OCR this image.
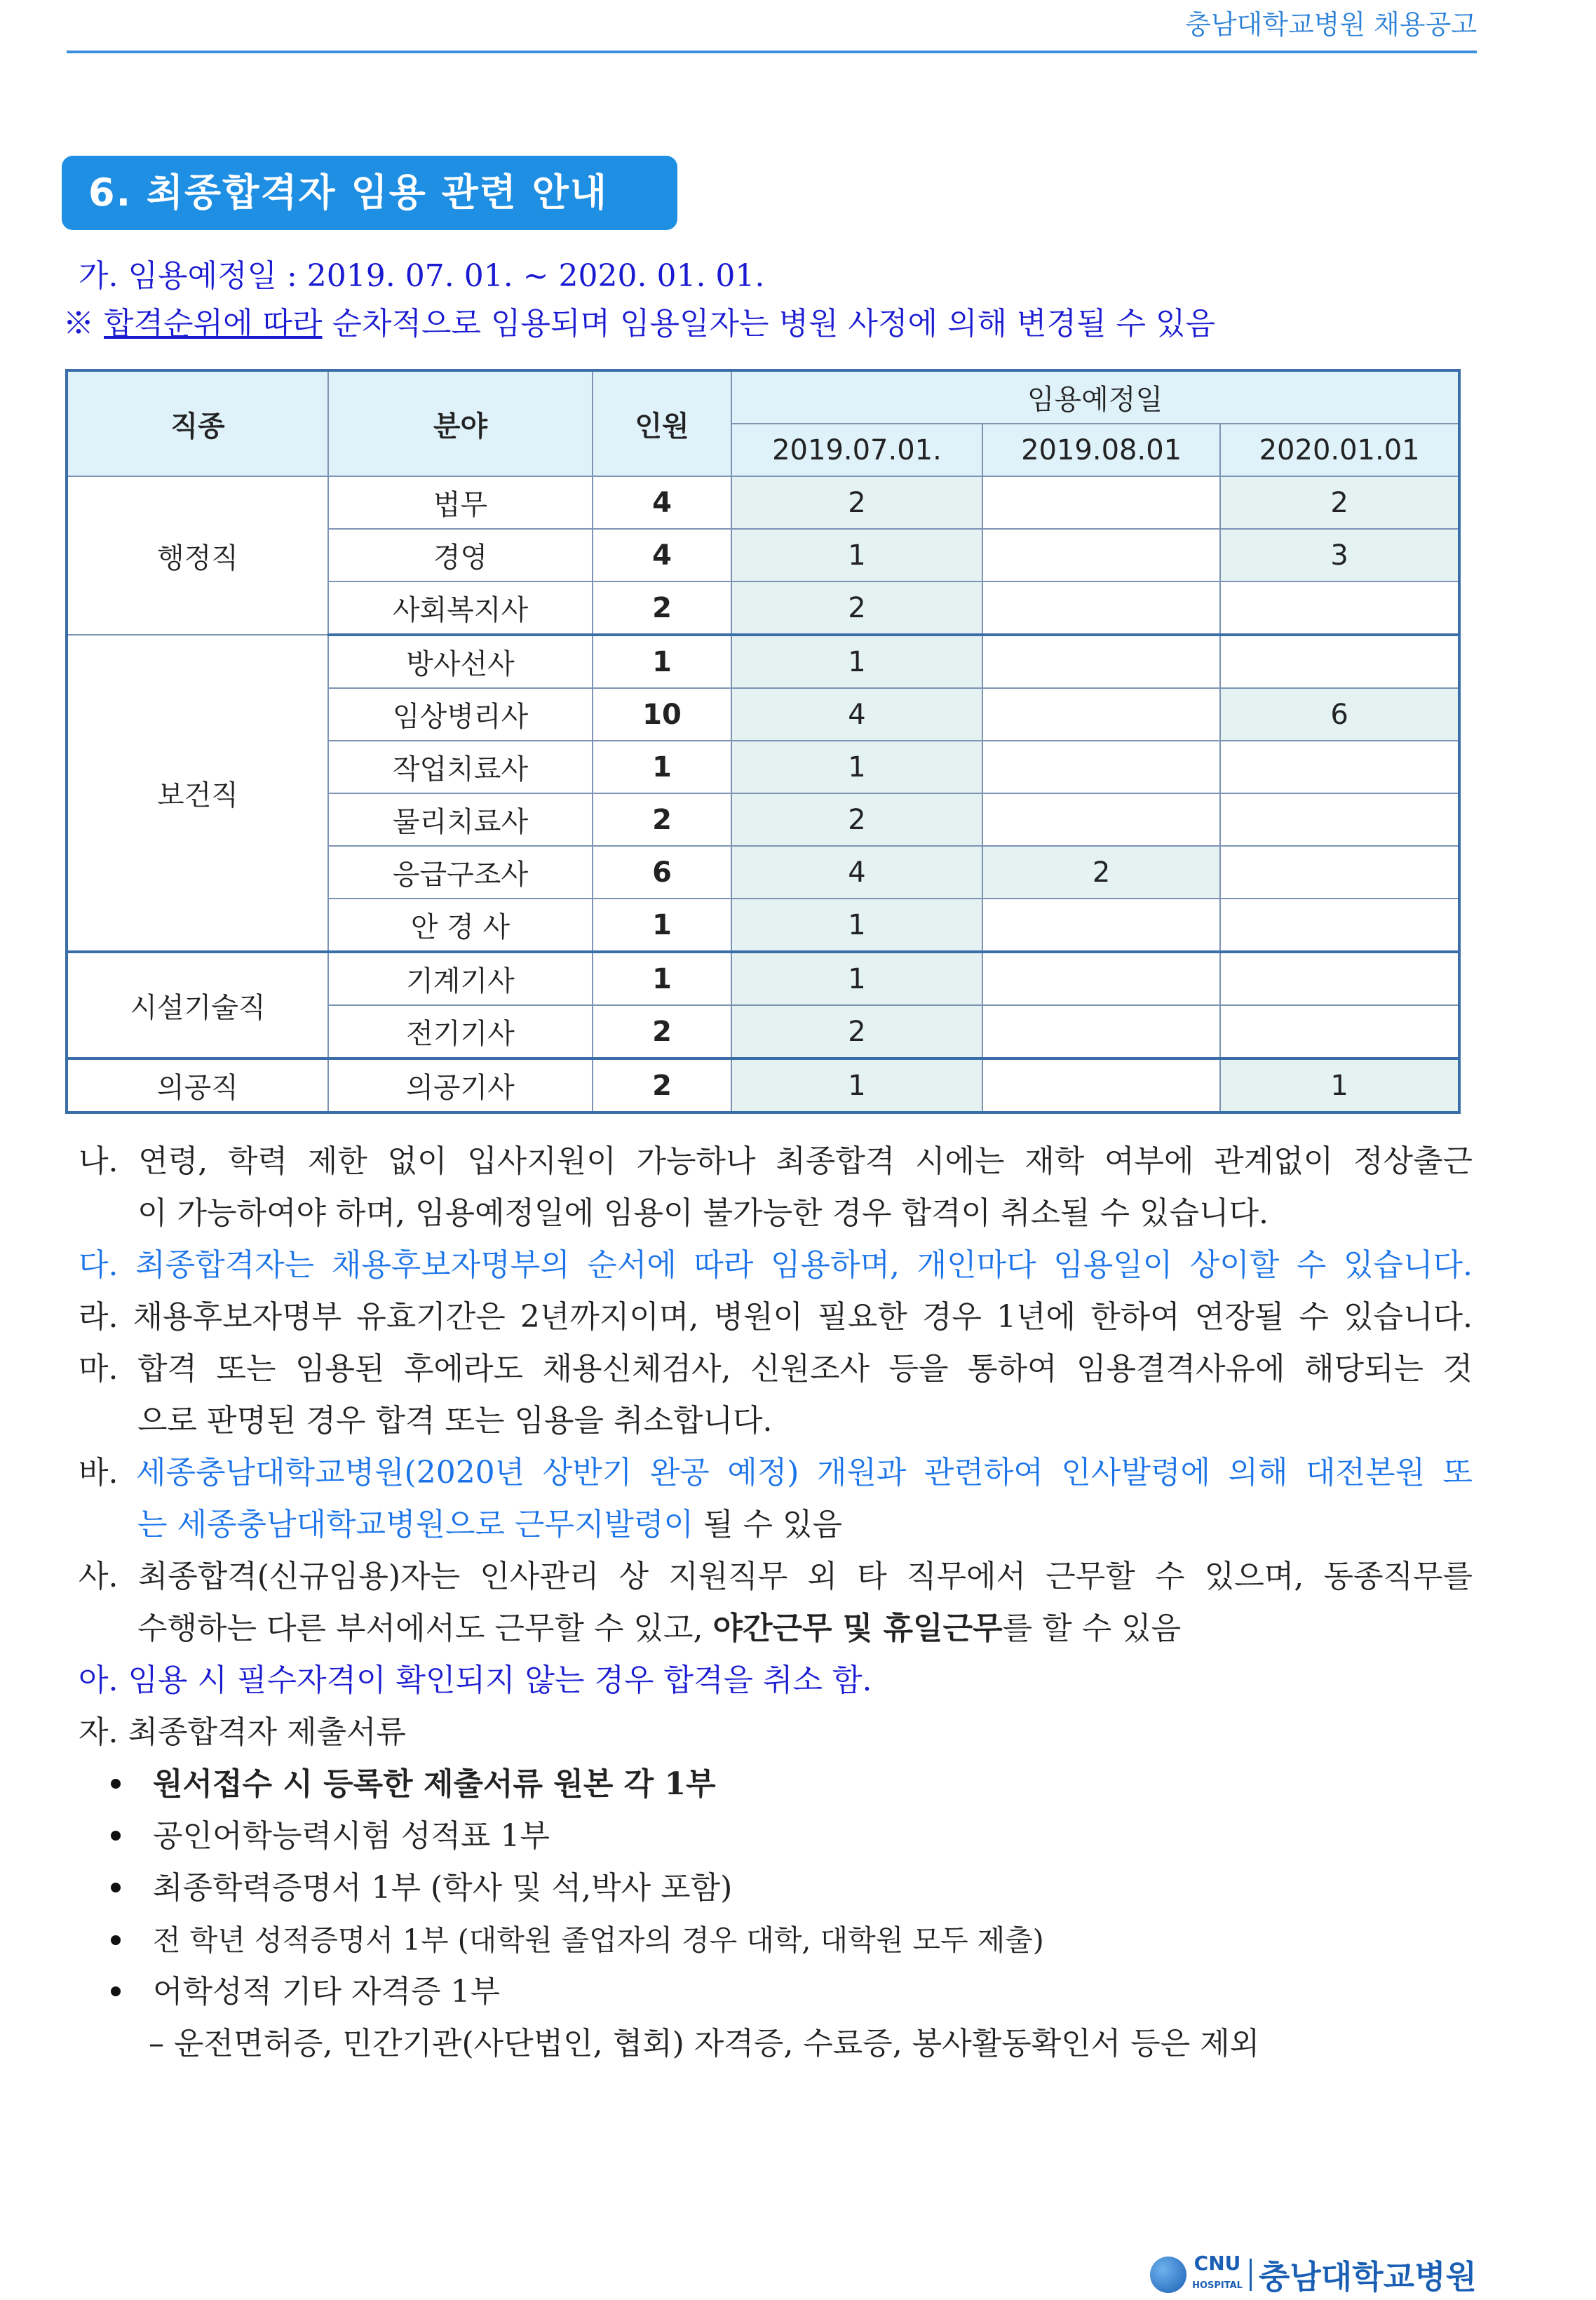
충남대학교병원 채용공고
6. 최종합격자 임용 관련 안내
가. 임용예정일 : 2019. 07. 01. ~ 2020. 01. 01.
※ 합격순위에 따라 순차적으로 임용되며 임용일자는 병원 사정에 의해 변경될 수 있음
직종	분야	인원	임용예정일		
			2019.07.01.	2019.08.01	2020.01.01
행정직	법무	4	2		2
	경영	4	1		3
	사회복지사	2	2		
보건직	방사선사	1	1		
	임상병리사	10	4		6
	작업치료사	1	1		
	물리치료사	2	2		
	응급구조사	6	4	2	
	안 경 사	1	1		
시설기술직	기계기사	1	1		
	전기기사	2	2		
의공직	의공기사	2	1		1
나. 연령, 학력 제한 없이 입사지원이 가능하나 최종합격 시에는 재학 여부에 관계없이 정상출근
이 가능하여야 하며, 임용예정일에 임용이 불가능한 경우 합격이 취소될 수 있습니다.
다. 최종합격자는 채용후보자명부의 순서에 따라 임용하며, 개인마다 임용일이 상이할 수 있습니다.
라. 채용후보자명부 유효기간은 2년까지이며, 병원이 필요한 경우 1년에 한하여 연장될 수 있습니다.
마. 합격 또는 임용된 후에라도 채용신체검사, 신원조사 등을 통하여 임용결격사유에 해당되는 것
으로 판명된 경우 합격 또는 임용을 취소합니다.
바. 세종충남대학교병원(2020년 상반기 완공 예정) 개원과 관련하여 인사발령에 의해 대전본원 또
는 세종충남대학교병원으로 근무지발령이 될 수 있음
사. 최종합격(신규임용)자는 인사관리 상 지원직무 외 타 직무에서 근무할 수 있으며, 동종직무를
수행하는 다른 부서에서도 근무할 수 있고, 야간근무 및 휴일근무를 할 수 있음
아. 임용 시 필수자격이 확인되지 않는 경우 합격을 취소 함.
자. 최종합격자 제출서류
원서접수 시 등록한 제출서류 원본 각 1부
공인어학능력시험 성적표 1부
최종학력증명서 1부 (학사 및 석,박사 포함)
전 학년 성적증명서 1부 (대학원 졸업자의 경우 대학, 대학원 모두 제출)
어학성적 기타 자격증 1부
– 운전면허증, 민간기관(사단법인, 협회) 자격증, 수료증, 봉사활동확인서 등은 제외
CNU
HOSPITAL 충남대학교병원
